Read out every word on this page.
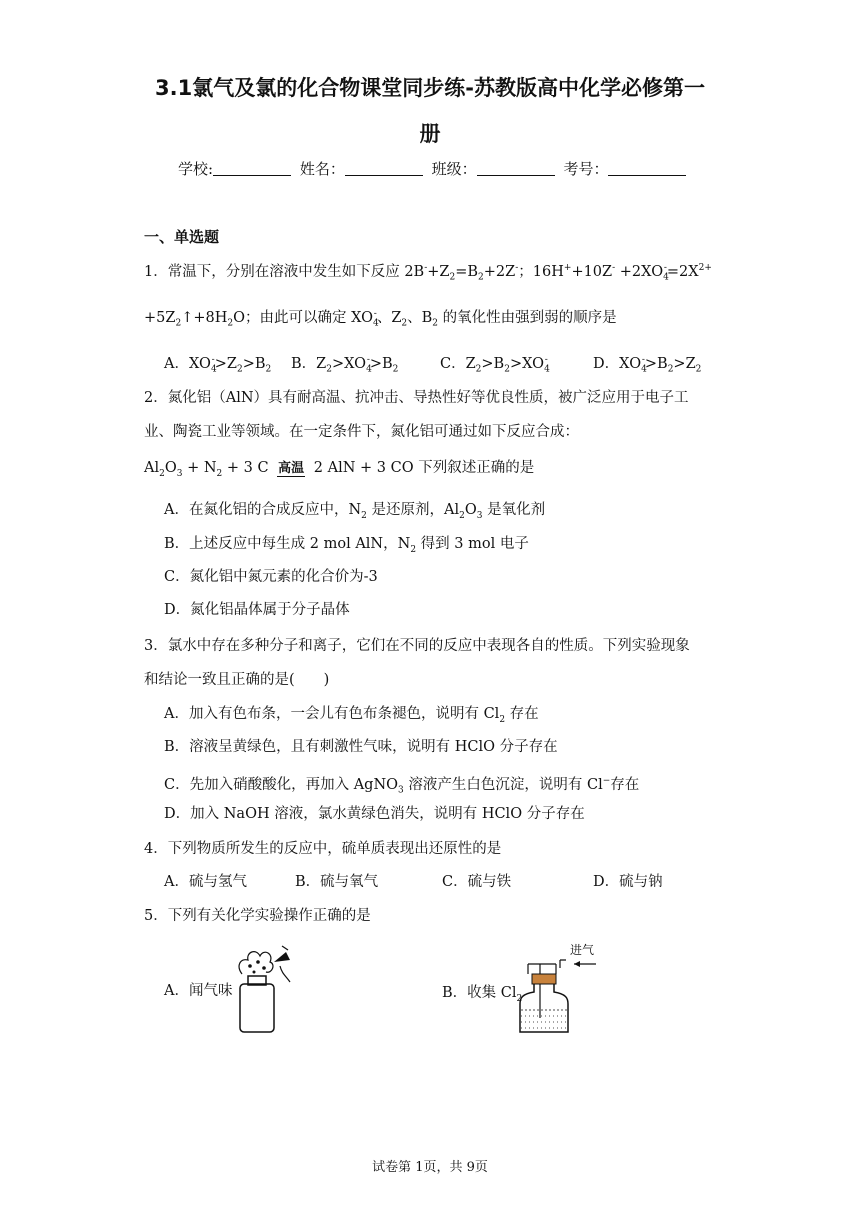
3.1氯气及氯的化合物课堂同步练-苏教版高中化学必修第一
册
学校:	姓名：	班级：	考号：
一、单选题
1．常温下，分别在溶液中发生如下反应 $2B^-+Z_2=B_2+2Z^-$；$16H^++10Z^- +2XO_4^-=2X^{2+}$
$+5Z_2↑+8H_2O$；由此可以确定 $XO_4^-$、$Z_2$、$B_2$ 的氧化性由强到弱的顺序是
A．$XO_4^->Z_2>B_2$ B．$Z_2>XO_4^->B_2$	C．$Z_2>B_2>XO_4^-$	D．$XO_4^->B_2>Z_2$
2．氮化铝（AlN）具有耐高温、抗冲击、导热性好等优良性质，被广泛应用于电子工
业、陶瓷工业等领域。在一定条件下，氮化铝可通过如下反应合成：
$Al_2O_3 + N_2 + 3$ C 高温 2 AlN + 3 CO 下列叙述正确的是
A．在氮化铝的合成反应中，$N_2$ 是还原剂，$Al_2O_3$ 是氧化剂
B．上述反应中每生成 2 mol AlN，$N_2$ 得到 3 mol 电子
C．氮化铝中氮元素的化合价为-3
D．氮化铝晶体属于分子晶体
3．氯水中存在多种分子和离子，它们在不同的反应中表现各自的性质。下列实验现象
和结论一致且正确的是(　　)
A．加入有色布条，一会儿有色布条褪色，说明有 $Cl_2$ 存在
B．溶液呈黄绿色，且有刺激性气味，说明有 HClO 分子存在
C．先加入硝酸酸化，再加入 AgNO$_3$ 溶液产生白色沉淀，说明有 Cl−存在
D．加入 NaOH 溶液，氯水黄绿色消失，说明有 HClO 分子存在
4．下列物质所发生的反应中，硫单质表现出还原性的是
A．硫与氢气	B．硫与氧气	C．硫与铁	D．硫与钠
5．下列有关化学实验操作正确的是
A．闻气味	B．收集 $Cl_2$
进气
试卷第 1页，共 9页
